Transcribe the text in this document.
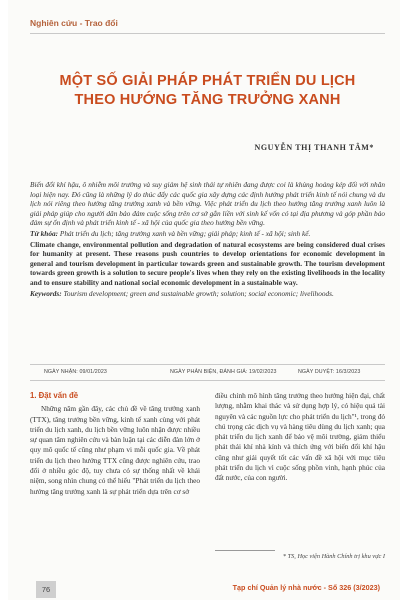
Nghiên cứu - Trao đổi
MỘT SỐ GIẢI PHÁP PHÁT TRIỂN DU LỊCH
THEO HƯỚNG TĂNG TRƯỞNG XANH
NGUYỄN THỊ THANH TÂM*

Biến đổi khí hậu, ô nhiễm môi trường và suy giảm hệ sinh thái tự nhiên đang được coi là khủng hoảng kép đối với nhân loại hiện nay. Đó cũng là những lý do thúc đẩy các quốc gia xây dựng các định hướng phát triển kinh tế nói chung và du lịch nói riêng theo hướng tăng trưởng xanh và bền vững. Việc phát triển du lịch theo hướng tăng trưởng xanh luôn là giải pháp giúp cho người dân bảo đảm cuộc sống trên cơ sở gắn liền với sinh kế vốn có tại địa phương và góp phần bảo đảm sự ổn định và phát triển kinh tế - xã hội của quốc gia theo hướng bền vững.

Từ khóa: Phát triển du lịch; tăng trưởng xanh và bền vững; giải pháp; kinh tế - xã hội; sinh kế.

Climate change, environmental pollution and degradation of natural ecosystems are being considered dual crises for humanity at present. These reasons push countries to develop orientations for economic development in general and tourism development in particular towards green and sustainable growth. The tourism development towards green growth is a solution to secure people's lives when they rely on the existing livelihoods in the locality and to ensure stability and national social economic development in a sustainable way.

Keywords: Tourism development; green and sustainable growth; solution; social economic; livelihoods.

NGÀY NHẬN: 09/01/2023	NGÀY PHẢN BIỆN, ĐÁNH GIÁ: 19/02/2023	NGÀY DUYỆT: 16/3/2023
1. Đặt vấn đề

Những năm gần đây, các chủ đề về tăng trưởng xanh (TTX), tăng trưởng bền vững, kinh tế xanh cùng với phát triển du lịch xanh, du lịch bền vững luôn nhận được nhiều sự quan tâm nghiên cứu và bàn luận tại các diễn đàn lớn ở quy mô quốc tế cũng như phạm vi mỗi quốc gia. Về phát triển du lịch theo hướng TTX cũng được nghiên cứu, trao đổi ở nhiều góc độ, tuy chưa có sự thống nhất về khái niệm, song nhìn chung có thể hiểu "Phát triển du lịch theo hướng tăng trưởng xanh là sự phát triển dựa trên cơ sở

điều chỉnh mô hình tăng trưởng theo hướng hiện đại, chất lượng, nhằm khai thác và sử dụng hợp lý, có hiệu quả tài nguyên và các nguồn lực cho phát triển du lịch"¹, trong đó chú trọng các dịch vụ và hàng tiêu dùng du lịch xanh; qua phát triển du lịch xanh để bảo vệ môi trường, giảm thiểu phát thải khí nhà kính và thích ứng với biến đổi khí hậu cũng như giải quyết tốt các vấn đề xã hội với mục tiêu phát triển du lịch vì cuộc sống phồn vinh, hạnh phúc của đất nước, của con người.

* TS, Học viện Hành Chính trị khu vực I
76	Tạp chí Quản lý nhà nước - Số 326 (3/2023)
